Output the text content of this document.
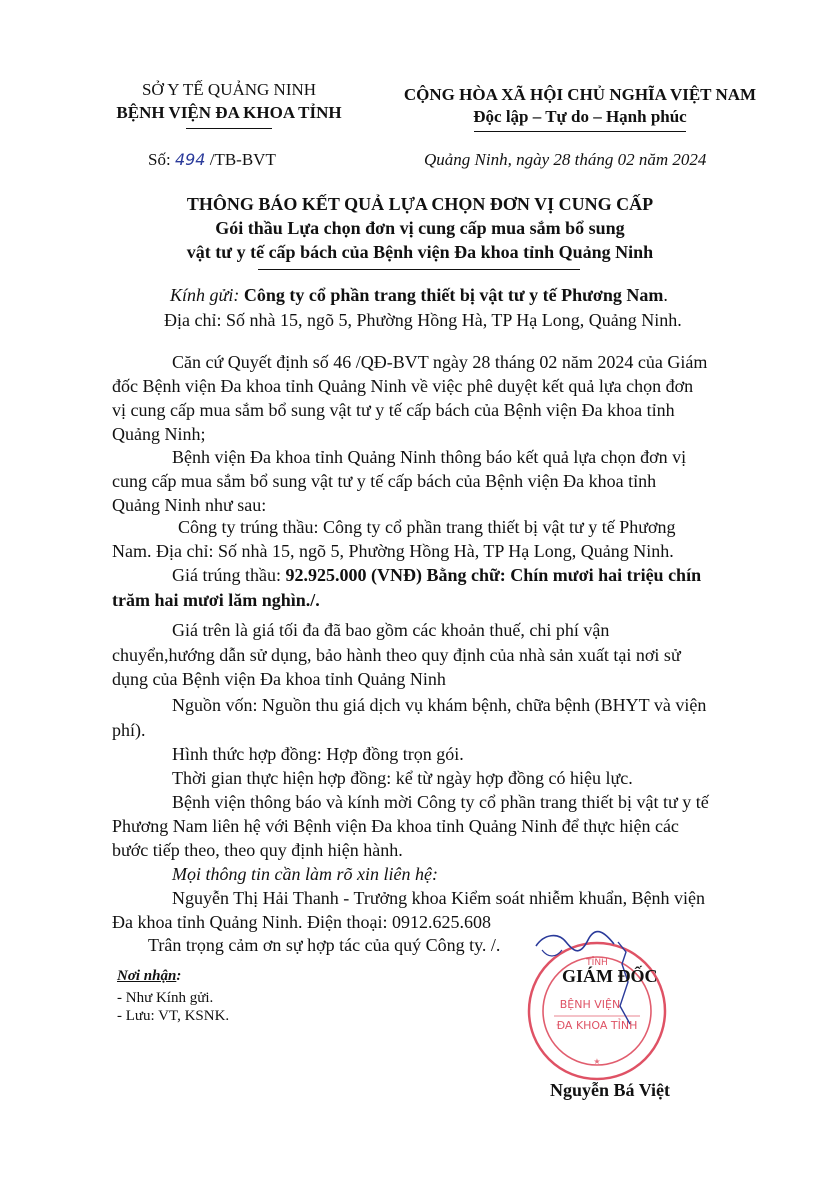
SỞ Y TẾ QUẢNG NINH
BỆNH VIỆN ĐA KHOA TỈNH
CỘNG HÒA XÃ HỘI CHỦ NGHĨA VIỆT NAM
Độc lập – Tự do – Hạnh phúc
Số: 494 /TB-BVT	Quảng Ninh, ngày 28 tháng 02 năm 2024
THÔNG BÁO KẾT QUẢ LỰA CHỌN ĐƠN VỊ CUNG CẤP
Gói thầu Lựa chọn đơn vị cung cấp mua sắm bổ sung
vật tư y tế cấp bách của Bệnh viện Đa khoa tỉnh Quảng Ninh
Kính gửi: Công ty cổ phần trang thiết bị vật tư y tế Phương Nam.
Địa chỉ: Số nhà 15, ngõ 5, Phường Hồng Hà, TP Hạ Long, Quảng Ninh.
Căn cứ Quyết định số 46 /QĐ-BVT ngày 28 tháng 02 năm 2024 của Giám
đốc Bệnh viện Đa khoa tỉnh Quảng Ninh về việc phê duyệt kết quả lựa chọn đơn
vị cung cấp mua sắm bổ sung vật tư y tế cấp bách của Bệnh viện Đa khoa tỉnh
Quảng Ninh;
Bệnh viện Đa khoa tỉnh Quảng Ninh thông báo kết quả lựa chọn đơn vị
cung cấp mua sắm bổ sung vật tư y tế cấp bách của Bệnh viện Đa khoa tỉnh
Quảng Ninh như sau:
Công ty trúng thầu: Công ty cổ phần trang thiết bị vật tư y tế Phương
Nam. Địa chỉ: Số nhà 15, ngõ 5, Phường Hồng Hà, TP Hạ Long, Quảng Ninh.
Giá trúng thầu: 92.925.000 (VNĐ) Bằng chữ: Chín mươi hai triệu chín
trăm hai mươi lăm nghìn./.
Giá trên là giá tối đa đã bao gồm các khoản thuế, chi phí vận
chuyển,hướng dẫn sử dụng, bảo hành theo quy định của nhà sản xuất tại nơi sử
dụng của Bệnh viện Đa khoa tỉnh Quảng Ninh
Nguồn vốn: Nguồn thu giá dịch vụ khám bệnh, chữa bệnh (BHYT và viện
phí).
Hình thức hợp đồng: Hợp đồng trọn gói.
Thời gian thực hiện hợp đồng: kể từ ngày hợp đồng có hiệu lực.
Bệnh viện thông báo và kính mời Công ty cổ phần trang thiết bị vật tư y tế
Phương Nam liên hệ với Bệnh viện Đa khoa tỉnh Quảng Ninh để thực hiện các
bước tiếp theo, theo quy định hiện hành.
Mọi thông tin cần làm rõ xin liên hệ:
Nguyễn Thị Hải Thanh - Trưởng khoa Kiểm soát nhiễm khuẩn, Bệnh viện
Đa khoa tỉnh Quảng Ninh. Điện thoại: 0912.625.608
Trân trọng cảm ơn sự hợp tác của quý Công ty. /.
Nơi nhận:
- Như Kính gửi.
- Lưu: VT, KSNK.
TỈNH
BỆNH VIỆN
ĐA KHOA TỈNH
★
GIÁM ĐỐC
Nguyễn Bá Việt
